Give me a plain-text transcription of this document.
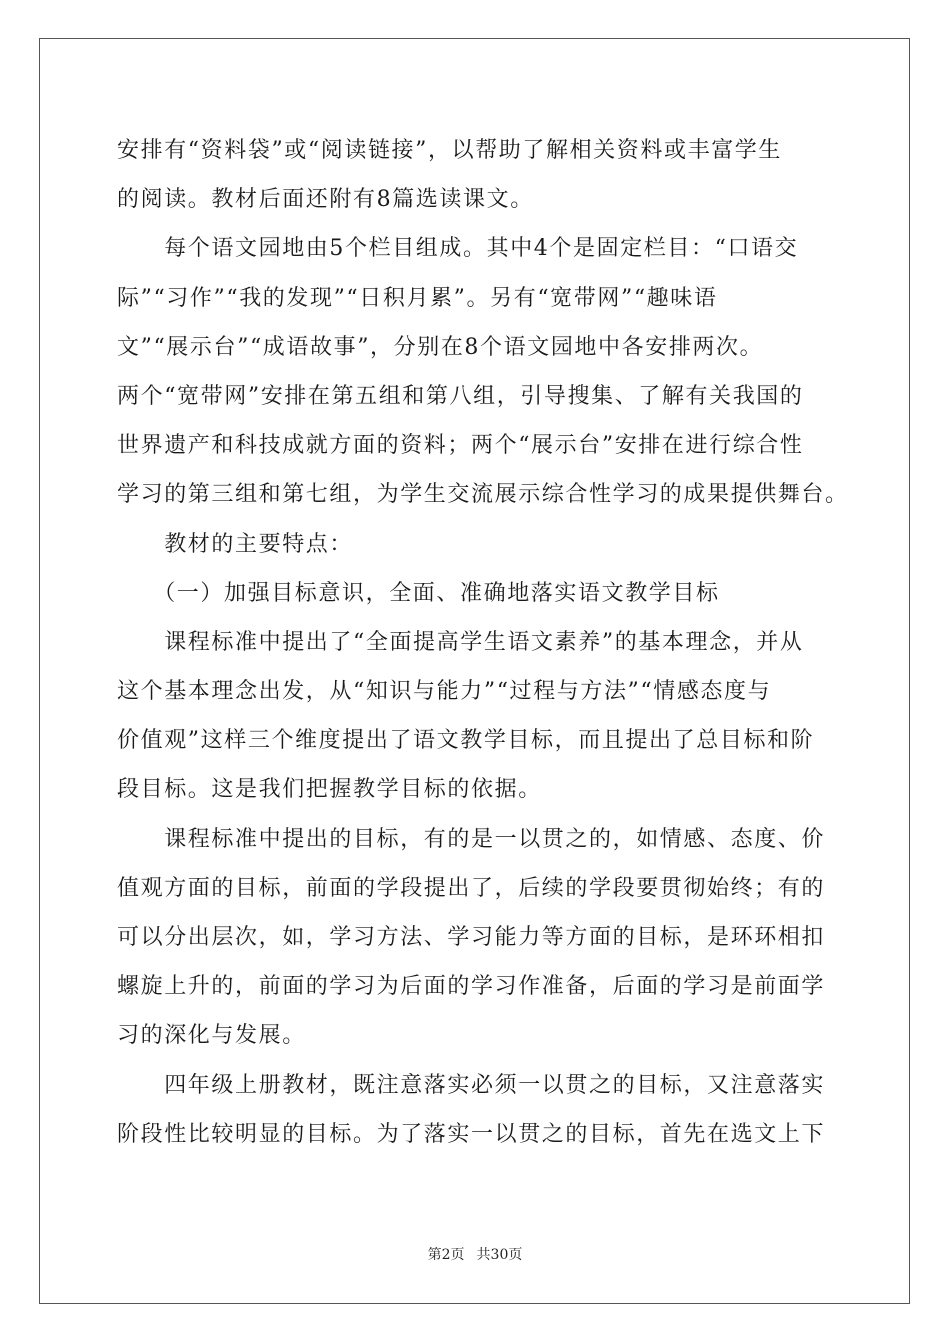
安排有“资料袋”或“阅读链接”，以帮助了解相关资料或丰富学生
的阅读。教材后面还附有8篇选读课文。
　　每个语文园地由5个栏目组成。其中4个是固定栏目：“口语交
际”“习作”“我的发现”“日积月累”。另有“宽带网”“趣味语
文”“展示台”“成语故事”，分别在8个语文园地中各安排两次。
两个“宽带网”安排在第五组和第八组，引导搜集、了解有关我国的
世界遗产和科技成就方面的资料；两个“展示台”安排在进行综合性
学习的第三组和第七组，为学生交流展示综合性学习的成果提供舞台。
　　教材的主要特点：
　　（一）加强目标意识，全面、准确地落实语文教学目标
　　课程标准中提出了“全面提高学生语文素养”的基本理念，并从
这个基本理念出发，从“知识与能力”“过程与方法”“情感态度与
价值观”这样三个维度提出了语文教学目标，而且提出了总目标和阶
段目标。这是我们把握教学目标的依据。
　　课程标准中提出的目标，有的是一以贯之的，如情感、态度、价
值观方面的目标，前面的学段提出了，后续的学段要贯彻始终；有的
可以分出层次，如，学习方法、学习能力等方面的目标，是环环相扣
螺旋上升的，前面的学习为后面的学习作准备，后面的学习是前面学
习的深化与发展。
　　四年级上册教材，既注意落实必须一以贯之的目标，又注意落实
阶段性比较明显的目标。为了落实一以贯之的目标，首先在选文上下
第2页 共30页
